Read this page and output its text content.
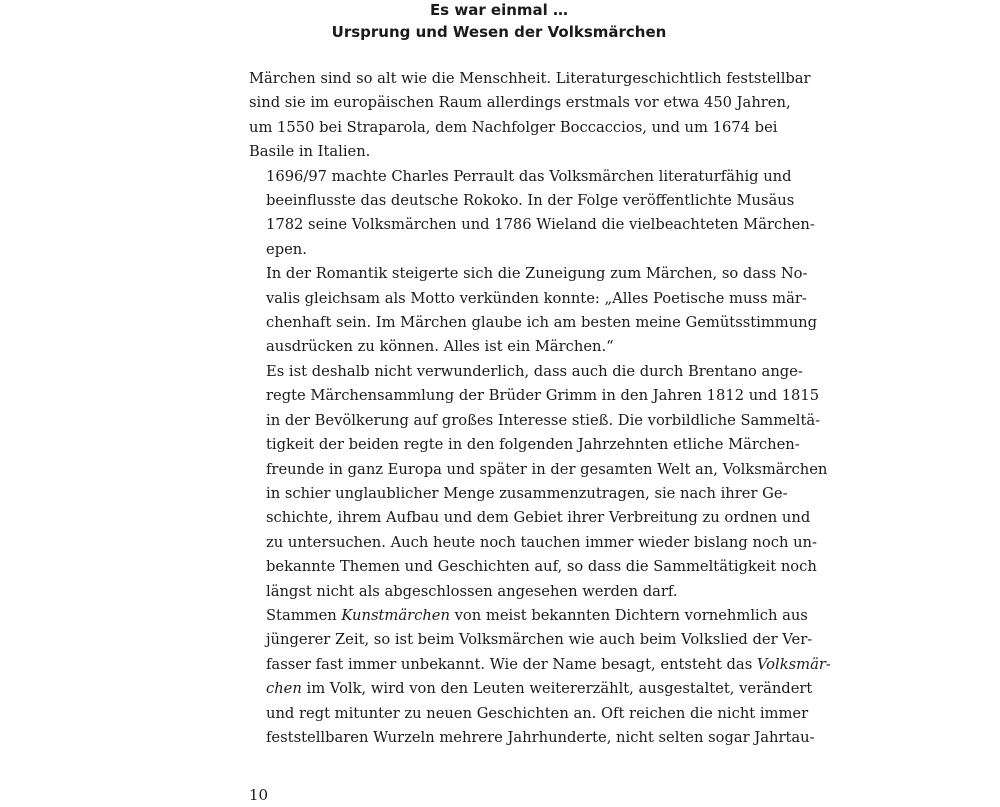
Es war einmal …
Ursprung und Wesen der Volksmärchen

Märchen sind so alt wie die Menschheit. Literaturgeschichtlich feststellbar
sind sie im europäischen Raum allerdings erstmals vor etwa 450 Jahren,
um 1550 bei Straparola, dem Nachfolger Boccaccios, und um 1674 bei
Basile in Italien.

1696/97 machte Charles Perrault das Volksmärchen literaturfähig und
beeinflusste das deutsche Rokoko. In der Folge veröffentlichte Musäus
1782 seine Volksmärchen und 1786 Wieland die vielbeachteten Märchen-
epen.

In der Romantik steigerte sich die Zuneigung zum Märchen, so dass No-
valis gleichsam als Motto verkünden konnte: „Alles Poetische muss mär-
chenhaft sein. Im Märchen glaube ich am besten meine Gemütsstimmung
ausdrücken zu können. Alles ist ein Märchen.“

Es ist deshalb nicht verwunderlich, dass auch die durch Brentano ange-
regte Märchensammlung der Brüder Grimm in den Jahren 1812 und 1815
in der Bevölkerung auf großes Interesse stieß. Die vorbildliche Sammeltä-
tigkeit der beiden regte in den folgenden Jahrzehnten etliche Märchen-
freunde in ganz Europa und später in der gesamten Welt an, Volksmärchen
in schier unglaublicher Menge zusammenzutragen, sie nach ihrer Ge-
schichte, ihrem Aufbau und dem Gebiet ihrer Verbreitung zu ordnen und
zu untersuchen. Auch heute noch tauchen immer wieder bislang noch un-
bekannte Themen und Geschichten auf, so dass die Sammeltätigkeit noch
längst nicht als abgeschlossen angesehen werden darf.

Stammen Kunstmärchen von meist bekannten Dichtern vornehmlich aus
jüngerer Zeit, so ist beim Volksmärchen wie auch beim Volkslied der Ver-
fasser fast immer unbekannt. Wie der Name besagt, entsteht das Volksmär-
chen im Volk, wird von den Leuten weitererzählt, ausgestaltet, verändert
und regt mitunter zu neuen Geschichten an. Oft reichen die nicht immer
feststellbaren Wurzeln mehrere Jahrhunderte, nicht selten sogar Jahrtau-

10
